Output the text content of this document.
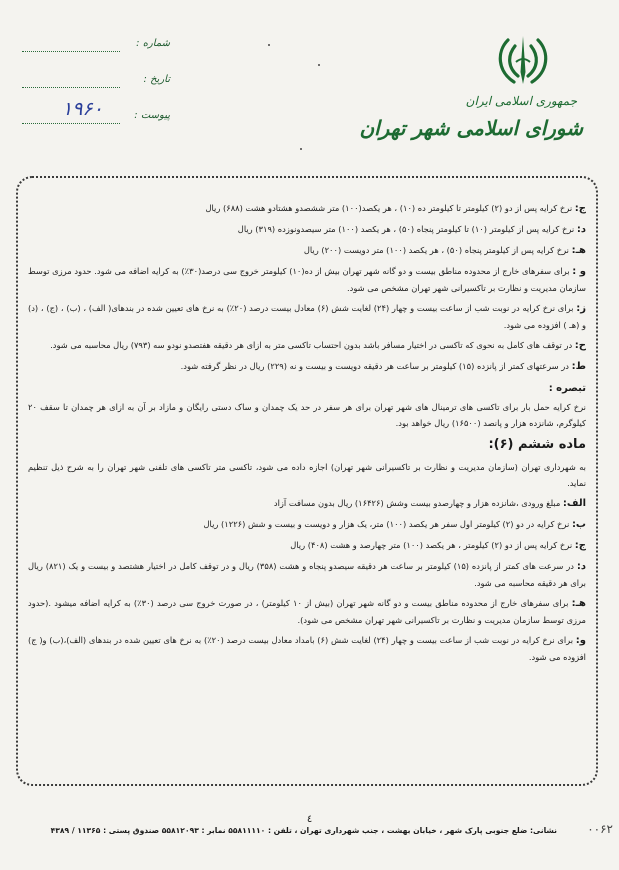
شماره :
تاریخ :
پیوست :
۱۹۶۰	جمهوری اسلامی ایران
شورای اسلامی شهر تهران

ج: نرخ کرایه پس از دو (۲) کیلومتر تا کیلومتر ده (۱۰) ، هر یکصد(۱۰۰) متر ششصدو هشتادو هشت (۶۸۸) ریال

د: نرخ کرایه پس از کیلومتر (۱۰) تا کیلومتر پنجاه (۵۰) ، هر یکصد (۱۰۰) متر سیصدونوزده (۳۱۹) ریال

هـ: نرخ کرایه پس از کیلومتر پنجاه (۵۰) ، هر یکصد (۱۰۰) متر دویست (۲۰۰) ریال

و : برای سفرهای خارج از محدوده مناطق بیست و دو گانه شهر تهران بیش از ده(۱۰) کیلومتر خروج سی درصد(۳۰٪) به کرایه اضافه می شود. حدود مرزی توسط سازمان مدیریت و نظارت بر تاکسیرانی شهر تهران مشخص می شود.

ز: برای نرخ کرایه در نوبت شب از ساعت بیست و چهار (۲۴) لغایت شش (۶) معادل بیست درصد (۲۰٪) به نرخ های تعیین شده در بندهای( الف) ، (ب) ، (ج) ، (د) و (هـ ) افزوده می شود.

ح: در توقف های کامل به نحوی که تاکسی در اختیار مسافر باشد بدون احتساب تاکسی متر به ازای هر دقیقه هفتصدو نودو سه (۷۹۳) ریال محاسبه می شود.

ط: در سرعتهای کمتر از پانزده (۱۵) کیلومتر بر ساعت هر دقیقه دویست و بیست و نه (۲۲۹) ریال در نظر گرفته شود.

تبصره :

نرخ کرایه حمل بار برای تاکسی های ترمینال های شهر تهران برای هر سفر در حد یک چمدان و ساک دستی رایگان و مازاد بر آن به ازای هر چمدان تا سقف ۲۰ کیلوگرم، شانزده هزار و پانصد (۱۶۵۰۰) ریال خواهد بود.

ماده ششم (۶):

به شهرداری تهران (سازمان مدیریت و نظارت بر تاکسیرانی شهر تهران) اجازه داده می شود، تاکسی متر تاکسی های تلفنی شهر تهران را به شرح ذیل تنظیم نماید.

الف: مبلغ ورودی ،شانزده هزار و چهارصدو بیست وشش (۱۶۴۲۶) ریال بدون مسافت آزاد

ب: نرخ کرایه در دو (۲) کیلومتر اول سفر هر یکصد (۱۰۰) متر، یک هزار و دویست و بیست و شش (۱۲۲۶) ریال

ج: نرخ کرایه پس از دو (۲) کیلومتر ، هر یکصد (۱۰۰) متر چهارصد و هشت (۴۰۸) ریال

د: در سرعت های کمتر از پانزده (۱۵) کیلومتر بر ساعت هر دقیقه سیصدو پنجاه و هشت (۳۵۸) ریال و در توقف کامل در اختیار هشتصد و بیست و یک (۸۲۱) ریال برای هر دقیقه محاسبه می شود.

هـ: برای سفرهای خارج از محدوده مناطق بیست و دو گانه شهر تهران (بیش از ۱۰ کیلومتر) ، در صورت خروج سی درصد (۳۰٪) به کرایه اضافه میشود .(حدود مرزی توسط سازمان مدیریت و نظارت بر تاکسیرانی شهر تهران مشخص می شود).

و: برای نرخ کرایه در نوبت شب از ساعت بیست و چهار (۲۴) لغایت شش (۶) بامداد معادل بیست درصد (۲۰٪) به نرخ های تعیین شده در بندهای (الف)،(ب) و( ج) افزوده می شود.

٤
نشانی: ضلع جنوبی پارک شهر ، خیابان بهشت ، جنب شهرداری تهران ، تلفن : ۵۵۸۱۱۱۱۰ نمابر : ۵۵۸۱۲۰۹۳ صندوق پستی : ۱۱۳۶۵ / ۴۳۸۹	۰۰۶۲
